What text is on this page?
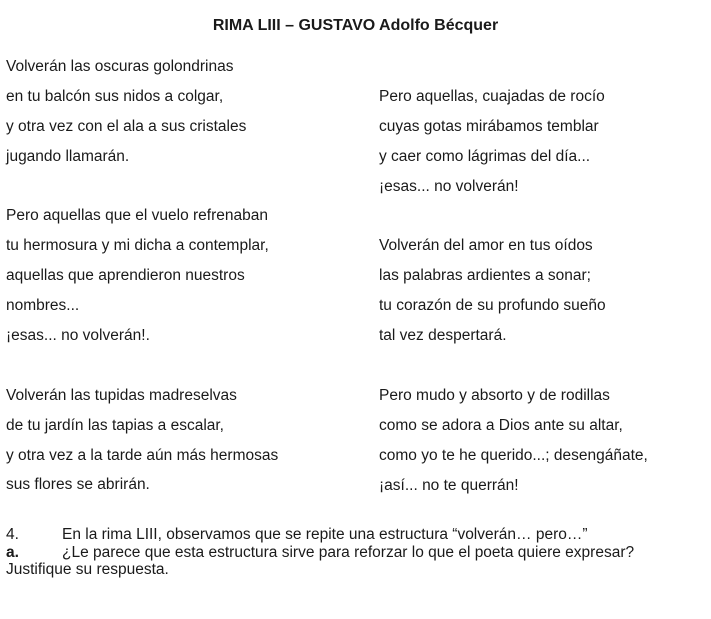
RIMA LIII – GUSTAVO Adolfo Bécquer
Volverán las oscuras golondrinas
en tu balcón sus nidos a colgar,
y otra vez con el ala a sus cristales
jugando llamarán.
Pero aquellas que el vuelo refrenaban
tu hermosura y mi dicha a contemplar,
aquellas que aprendieron nuestros
nombres...
¡esas... no volverán!.
Volverán las tupidas madreselvas
de tu jardín las tapias a escalar,
y otra vez a la tarde aún más hermosas
sus flores se abrirán.
Pero aquellas, cuajadas de rocío
cuyas gotas mirábamos temblar
y caer como lágrimas del día...
¡esas... no volverán!
Volverán del amor en tus oídos
las palabras ardientes a sonar;
tu corazón de su profundo sueño
tal vez despertará.
Pero mudo y absorto y de rodillas
como se adora a Dios ante su altar,
como yo te he querido...; desengáñate,
¡así... no te querrán!
4.	En la rima LIII, observamos que se repite una estructura “volverán… pero…”
a.	¿Le parece que esta estructura sirve para reforzar lo que el poeta quiere expresar?
Justifique su respuesta.
